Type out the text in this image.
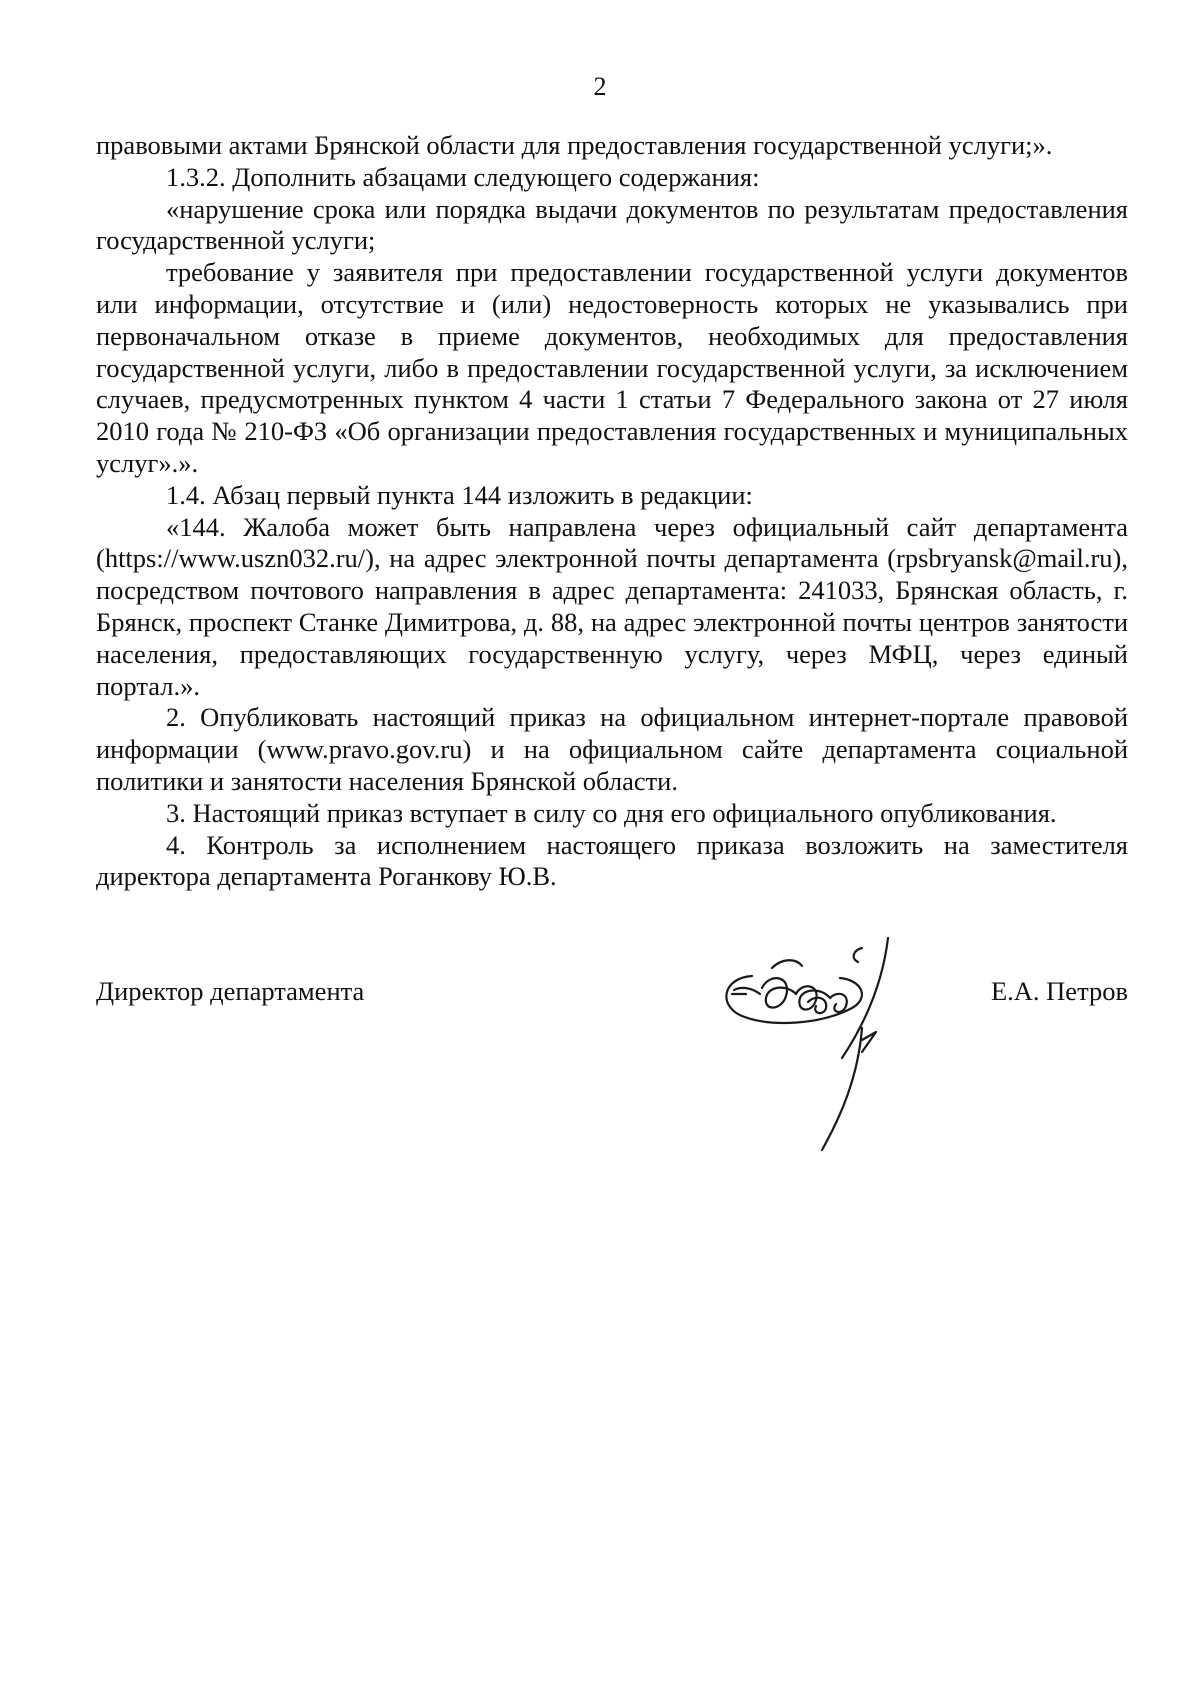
2

правовыми актами Брянской области для предоставления государственной услуги;».

1.3.2. Дополнить абзацами следующего содержания:

«нарушение срока или порядка выдачи документов по результатам предоставления государственной услуги;

требование у заявителя при предоставлении государственной услуги документов или информации, отсутствие и (или) недостоверность которых не указывались при первоначальном отказе в приеме документов, необходимых для предоставления государственной услуги, либо в предоставлении государственной услуги, за исключением случаев, предусмотренных пунктом 4 части 1 статьи 7 Федерального закона от 27 июля 2010 года № 210-ФЗ «Об организации предоставления государственных и муниципальных услуг».».

1.4. Абзац первый пункта 144 изложить в редакции:

«144. Жалоба может быть направлена через официальный сайт департамента (https://www.uszn032.ru/), на адрес электронной почты департамента (rpsbryansk@mail.ru), посредством почтового направления в адрес департамента: 241033, Брянская область, г. Брянск, проспект Станке Димитрова, д. 88, на адрес электронной почты центров занятости населения, предоставляющих государственную услугу, через МФЦ, через единый портал.».

2. Опубликовать настоящий приказ на официальном интернет-портале правовой информации (www.pravo.gov.ru) и на официальном сайте департамента социальной политики и занятости населения Брянской области.

3. Настоящий приказ вступает в силу со дня его официального опубликования.

4. Контроль за исполнением настоящего приказа возложить на заместителя директора департамента Роганкову Ю.В.

Директор департамента	Е.А. Петров
